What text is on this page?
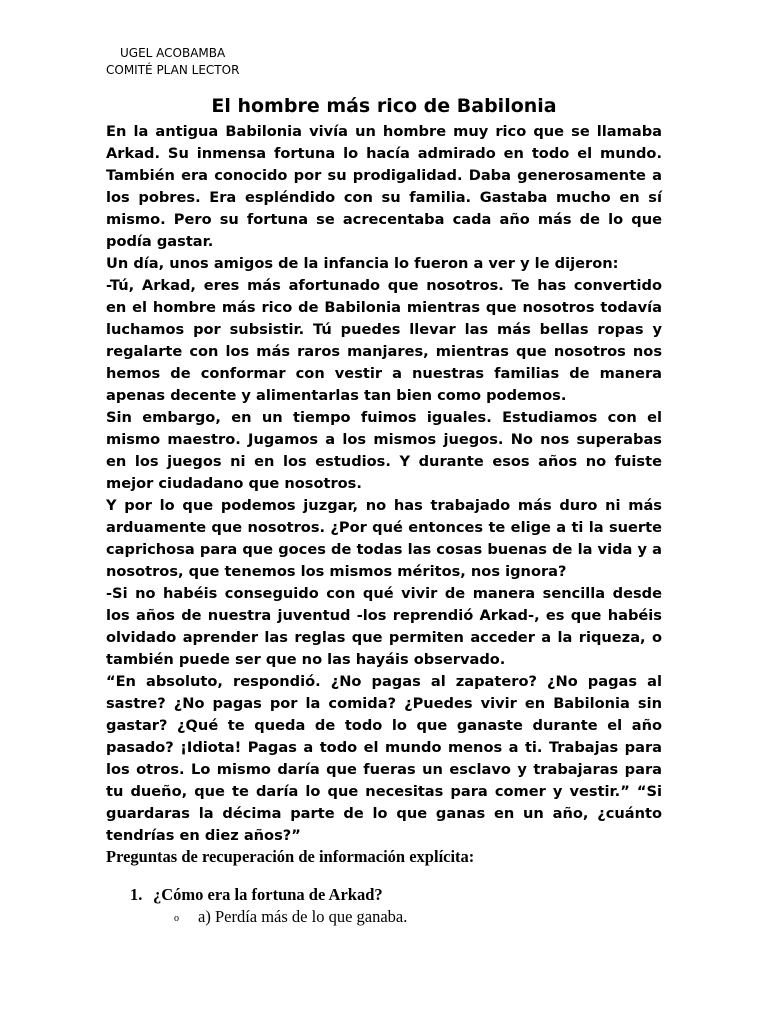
UGEL ACOBAMBA
COMITÉ PLAN LECTOR
El hombre más rico de Babilonia

En la antigua Babilonia vivía un hombre muy rico que se llamaba Arkad. Su inmensa fortuna lo hacía admirado en todo el mundo. También era conocido por su prodigalidad. Daba generosamente a los pobres. Era espléndido con su familia. Gastaba mucho en sí mismo. Pero su fortuna se acrecentaba cada año más de lo que podía gastar.

Un día, unos amigos de la infancia lo fueron a ver y le dijeron:

-Tú, Arkad, eres más afortunado que nosotros. Te has convertido en el hombre más rico de Babilonia mientras que nosotros todavía luchamos por subsistir. Tú puedes llevar las más bellas ropas y regalarte con los más raros manjares, mientras que nosotros nos hemos de conformar con vestir a nuestras familias de manera apenas decente y alimentarlas tan bien como podemos.

Sin embargo, en un tiempo fuimos iguales. Estudiamos con el mismo maestro. Jugamos a los mismos juegos. No nos superabas en los juegos ni en los estudios. Y durante esos años no fuiste mejor ciudadano que nosotros.

Y por lo que podemos juzgar, no has trabajado más duro ni más arduamente que nosotros. ¿Por qué entonces te elige a ti la suerte caprichosa para que goces de todas las cosas buenas de la vida y a nosotros, que tenemos los mismos méritos, nos ignora?

-Si no habéis conseguido con qué vivir de manera sencilla desde los años de nuestra juventud -los reprendió Arkad-, es que habéis olvidado aprender las reglas que permiten acceder a la riqueza, o también puede ser que no las hayáis observado.

“En absoluto, respondió. ¿No pagas al zapatero? ¿No pagas al sastre? ¿No pagas por la comida? ¿Puedes vivir en Babilonia sin gastar? ¿Qué te queda de todo lo que ganaste durante el año pasado? ¡Idiota! Pagas a todo el mundo menos a ti. Trabajas para los otros. Lo mismo daría que fueras un esclavo y trabajaras para tu dueño, que te daría lo que necesitas para comer y vestir.” “Si guardaras la décima parte de lo que ganas en un año, ¿cuánto tendrías en diez años?”

Preguntas de recuperación de información explícita:
1. ¿Cómo era la fortuna de Arkad?
o a) Perdía más de lo que ganaba.
